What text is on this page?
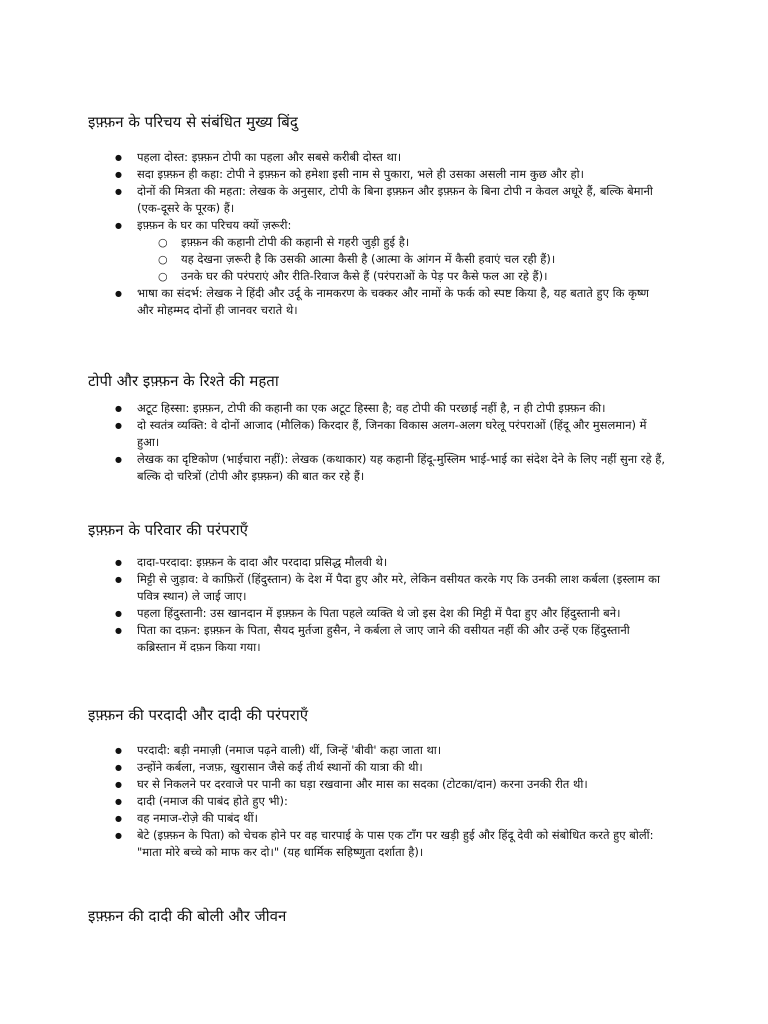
इफ़्फ़न के परिचय से संबंधित मुख्य बिंदु
● पहला दोस्त: इफ़्फ़न टोपी का पहला और सबसे करीबी दोस्त था।
● सदा इफ़्फ़न ही कहा: टोपी ने इफ़्फ़न को हमेशा इसी नाम से पुकारा, भले ही उसका असली नाम कुछ और हो।
● दोनों की मित्रता की महता: लेखक के अनुसार, टोपी के बिना इफ़्फ़न और इफ़्फ़न के बिना टोपी न केवल अधूरे हैं, बल्कि बेमानी (एक-दूसरे के पूरक) हैं।
● इफ़्फ़न के घर का परिचय क्यों ज़रूरी:
○ इफ़्फ़न की कहानी टोपी की कहानी से गहरी जुड़ी हुई है।
○ यह देखना ज़रूरी है कि उसकी आत्मा कैसी है (आत्मा के आंगन में कैसी हवाएं चल रही हैं)।
○ उनके घर की परंपराएं और रीति-रिवाज कैसे हैं (परंपराओं के पेड़ पर कैसे फल आ रहे हैं)।
● भाषा का संदर्भ: लेखक ने हिंदी और उर्दू के नामकरण के चक्कर और नामों के फर्क को स्पष्ट किया है, यह बताते हुए कि कृष्ण और मोहम्मद दोनों ही जानवर चराते थे।
टोपी और इफ़्फ़न के रिश्ते की महता
● अटूट हिस्सा: इफ़्फ़न, टोपी की कहानी का एक अटूट हिस्सा है; वह टोपी की परछाई नहीं है, न ही टोपी इफ़्फ़न की।
● दो स्वतंत्र व्यक्ति: वे दोनों आजाद (मौलिक) किरदार हैं, जिनका विकास अलग-अलग घरेलू परंपराओं (हिंदू और मुसलमान) में हुआ।
● लेखक का दृष्टिकोण (भाईचारा नहीं): लेखक (कथाकार) यह कहानी हिंदू-मुस्लिम भाई-भाई का संदेश देने के लिए नहीं सुना रहे हैं, बल्कि दो चरित्रों (टोपी और इफ़्फ़न) की बात कर रहे हैं।
इफ़्फ़न के परिवार की परंपराएँ
● दादा-परदादा: इफ़्फ़न के दादा और परदादा प्रसिद्ध मौलवी थे।
● मिट्टी से जुड़ाव: वे काफ़िरों (हिंदुस्तान) के देश में पैदा हुए और मरे, लेकिन वसीयत करके गए कि उनकी लाश कर्बला (इस्लाम का पवित्र स्थान) ले जाई जाए।
● पहला हिंदुस्तानी: उस खानदान में इफ़्फ़न के पिता पहले व्यक्ति थे जो इस देश की मिट्टी में पैदा हुए और हिंदुस्तानी बने।
● पिता का दफ़न: इफ़्फ़न के पिता, सैयद मुर्तजा हुसैन, ने कर्बला ले जाए जाने की वसीयत नहीं की और उन्हें एक हिंदुस्तानी कब्रिस्तान में दफ़न किया गया।
इफ़्फ़न की परदादी और दादी की परंपराएँ
● परदादी: बड़ी नमाज़ी (नमाज पढ़ने वाली) थीं, जिन्हें 'बीवी' कहा जाता था।
● उन्होंने कर्बला, नजफ़, खुरासान जैसे कई तीर्थ स्थानों की यात्रा की थी।
● घर से निकलने पर दरवाजे पर पानी का घड़ा रखवाना और मास का सदका (टोटका/दान) करना उनकी रीत थी।
● दादी (नमाज की पाबंद होते हुए भी):
● वह नमाज-रोज़े की पाबंद थीं।
● बेटे (इफ़्फ़न के पिता) को चेचक होने पर वह चारपाई के पास एक टाँग पर खड़ी हुई और हिंदू देवी को संबोधित करते हुए बोलीं: "माता मोरे बच्चे को माफ कर दो।" (यह धार्मिक सहिष्णुता दर्शाता है)।
इफ़्फ़न की दादी की बोली और जीवन
